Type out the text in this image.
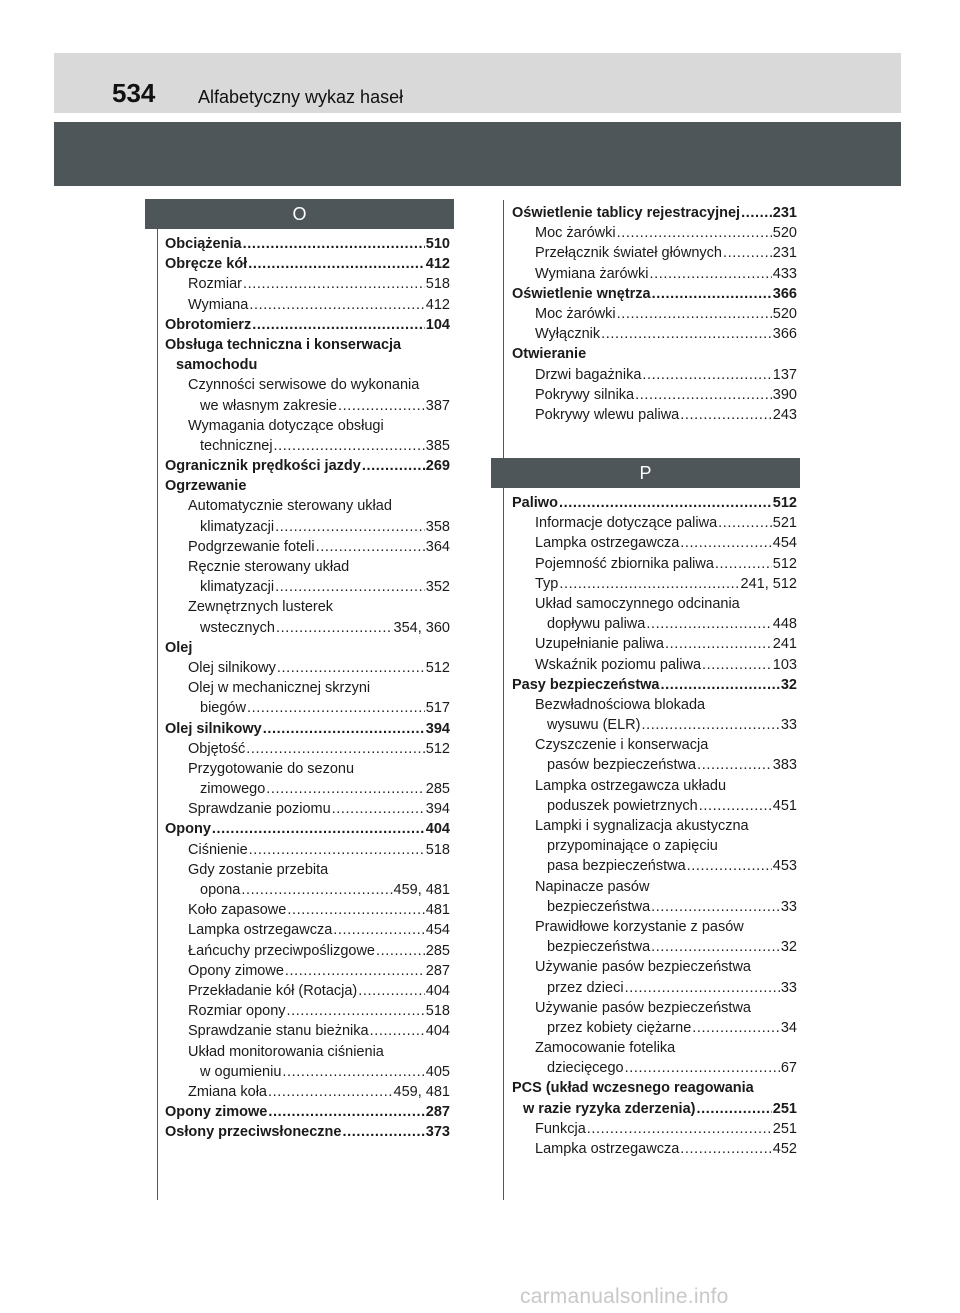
534 Alfabetyczny wykaz haseł
O
P
Obciążenia .....	510
Obręcze kół .....	412
Rozmiar .....	518
Wymiana .....	412
Obrotomierz .....	104
Obsługa techniczna i konserwacja
samochodu
Czynności serwisowe do wykonania
we własnym zakresie .....	387
Wymagania dotyczące obsługi
technicznej .....	385
Ogranicznik prędkości jazdy .....	269
Ogrzewanie
Automatycznie sterowany układ
klimatyzacji .....	358
Podgrzewanie foteli .....	364
Ręcznie sterowany układ
klimatyzacji .....	352
Zewnętrznych lusterek
wstecznych .....	354, 360
Olej
Olej silnikowy .....	512
Olej w mechanicznej skrzyni
biegów .....	517
Olej silnikowy .....	394
Objętość .....	512
Przygotowanie do sezonu
zimowego .....	285
Sprawdzanie poziomu .....	394
Opony .....	404
Ciśnienie .....	518
Gdy zostanie przebita
opona .....	459, 481
Koło zapasowe .....	481
Lampka ostrzegawcza .....	454
Łańcuchy przeciwpoślizgowe .....	285
Opony zimowe .....	287
Przekładanie kół (Rotacja) .....	404
Rozmiar opony .....	518
Sprawdzanie stanu bieżnika .....	404
Układ monitorowania ciśnienia
w ogumieniu .....	405
Zmiana koła .....	459, 481
Opony zimowe .....	287
Osłony przeciwsłoneczne .....	373
Oświetlenie tablicy rejestracyjnej ..... 231
Moc żarówki .....	520
Przełącznik świateł głównych .....	231
Wymiana żarówki .....	433
Oświetlenie wnętrza .....	366
Moc żarówki .....	520
Wyłącznik .....	366
Otwieranie
Drzwi bagażnika .....	137
Pokrywy silnika .....	390
Pokrywy wlewu paliwa .....	243
Paliwo .....	512
Informacje dotyczące paliwa .....	521
Lampka ostrzegawcza .....	454
Pojemność zbiornika paliwa .....	512
Typ .....	241, 512
Układ samoczynnego odcinania
dopływu paliwa .....	448
Uzupełnianie paliwa .....	241
Wskaźnik poziomu paliwa .....	103
Pasy bezpieczeństwa .....	32
Bezwładnościowa blokada
wysuwu (ELR) .....	33
Czyszczenie i konserwacja
pasów bezpieczeństwa .....	383
Lampka ostrzegawcza układu
poduszek powietrznych .....	451
Lampki i sygnalizacja akustyczna
przypominające o zapięciu
pasa bezpieczeństwa .....	453
Napinacze pasów
bezpieczeństwa .....	33
Prawidłowe korzystanie z pasów
bezpieczeństwa .....	32
Używanie pasów bezpieczeństwa
przez dzieci .....	33
Używanie pasów bezpieczeństwa
przez kobiety ciężarne .....	34
Zamocowanie fotelika
dziecięcego .....	67
PCS (układ wczesnego reagowania
w razie ryzyka zderzenia) .....	251
Funkcja .....	251
Lampka ostrzegawcza .....	452
carmanualsonline.info
